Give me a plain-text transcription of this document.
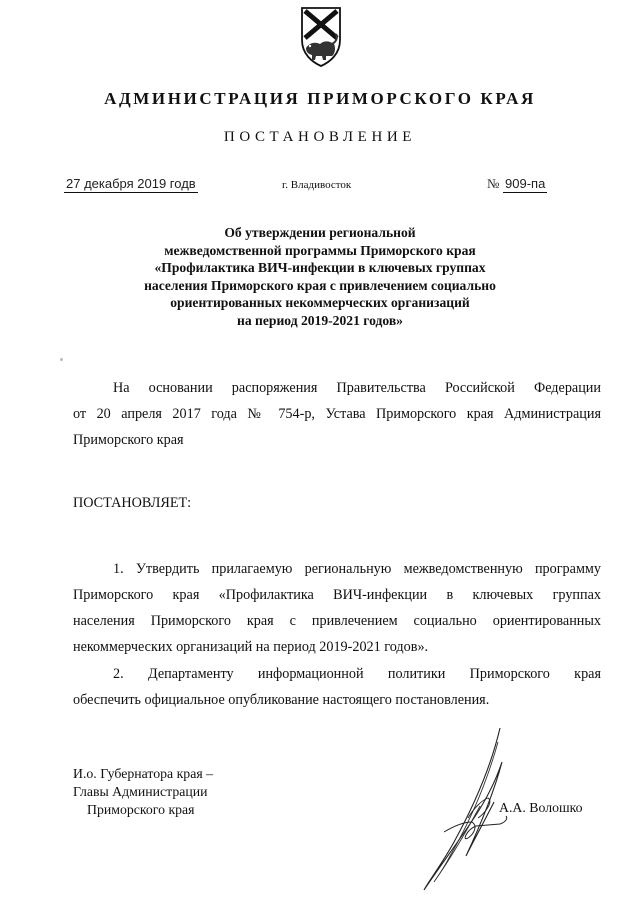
АДМИНИСТРАЦИЯ ПРИМОРСКОГО КРАЯ
ПОСТАНОВЛЕНИЕ
27 декабря 2019 годв	г. Владивосток	№ 909-па
Об утверждении региональной
межведомственной программы Приморского края
«Профилактика ВИЧ-инфекции в ключевых группах
населения Приморского края с привлечением социально
ориентированных некоммерческих организаций
на период 2019-2021 годов»
На основании распоряжения Правительства Российской Федерации
от 20 апреля 2017 года № 754-р, Устава Приморского края Администрация
Приморского края
ПОСТАНОВЛЯЕТ:
1. Утвердить прилагаемую региональную межведомственную программу
Приморского края «Профилактика ВИЧ-инфекции в ключевых группах
населения Приморского края с привлечением социально ориентированных
некоммерческих организаций на период 2019-2021 годов».
2. Департаменту информационной политики Приморского края
обеспечить официальное опубликование настоящего постановления.
И.о. Губернатора края –
Главы Администрации
Приморского края	А.А. Волошко
